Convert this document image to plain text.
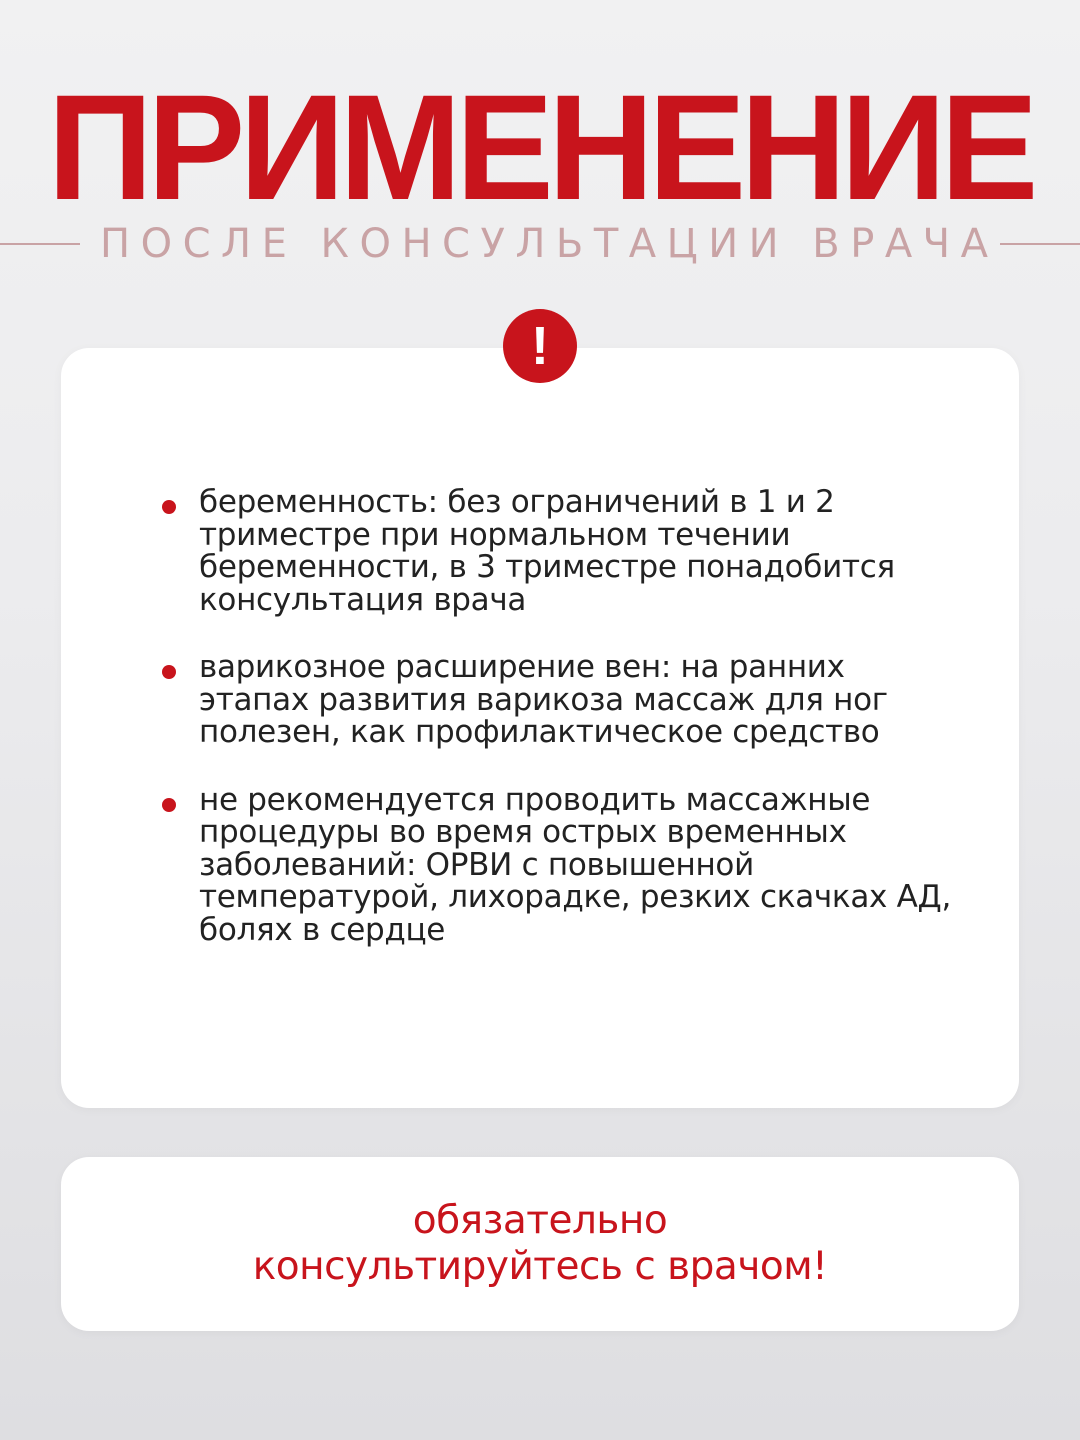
ПРИМЕНЕНИЕ
ПОСЛЕ КОНСУЛЬТАЦИИ ВРАЧА
!
беременность: без ограничений в 1 и 2 триместре при нормальном течении беременности, в 3 триместре понадобится консультация врача
варикозное расширение вен: на ранних этапах развития варикоза массаж для ног полезен, как профилактическое средство
не рекомендуется проводить массажные процедуры во время острых временных заболеваний: ОРВИ с повышенной температурой, лихорадке, резких скачках АД, болях в сердце
обязательно
консультируйтесь с врачом!
